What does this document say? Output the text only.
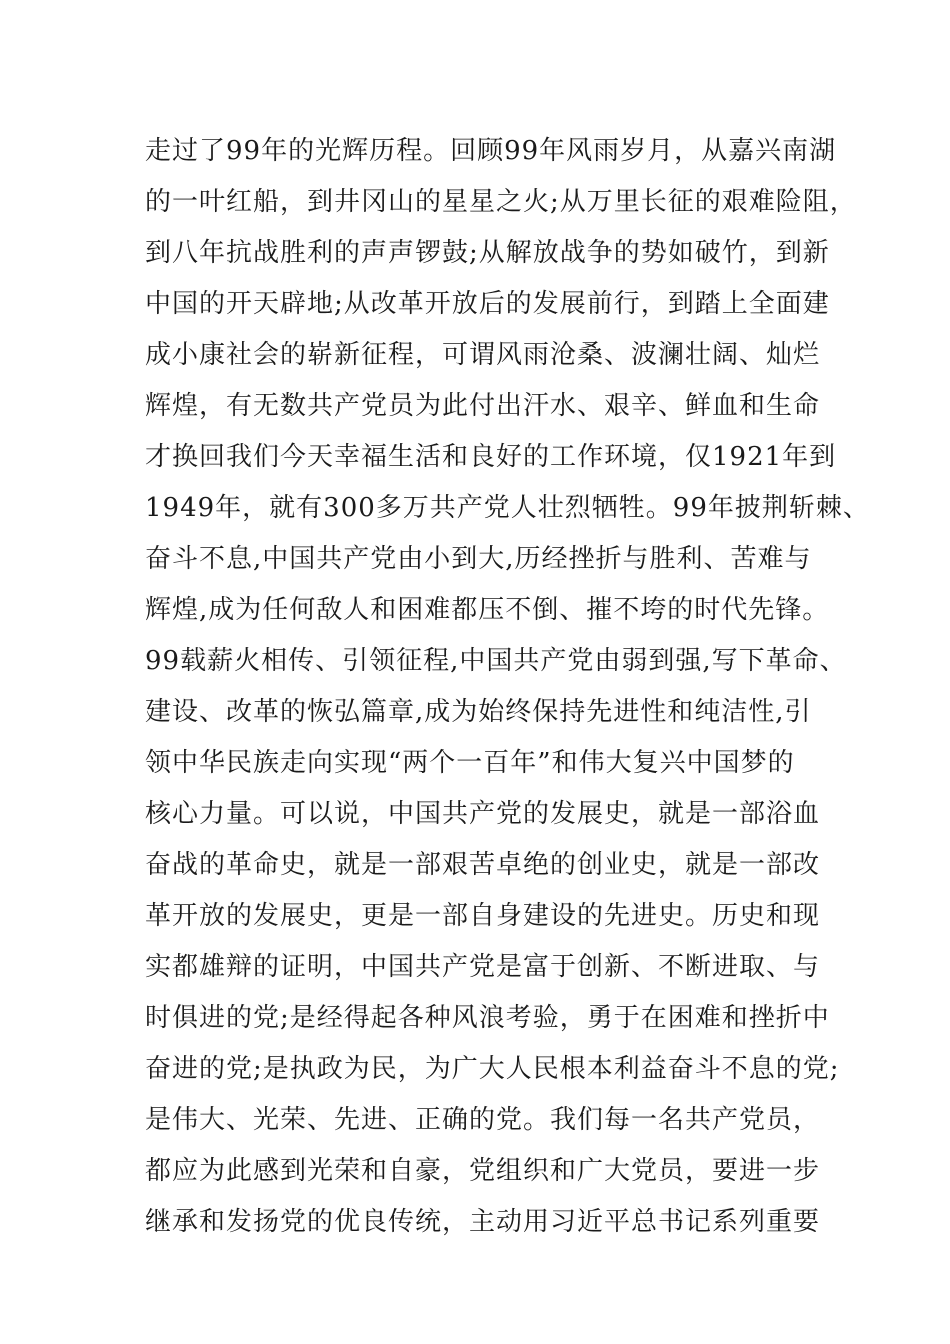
走过了99年的光辉历程。回顾99年风雨岁月，从嘉兴南湖
的一叶红船，到井冈山的星星之火;从万里长征的艰难险阻，
到八年抗战胜利的声声锣鼓;从解放战争的势如破竹，到新
中国的开天辟地;从改革开放后的发展前行，到踏上全面建
成小康社会的崭新征程，可谓风雨沧桑、波澜壮阔、灿烂
辉煌，有无数共产党员为此付出汗水、艰辛、鲜血和生命
才换回我们今天幸福生活和良好的工作环境，仅1921年到
1949年，就有300多万共产党人壮烈牺牲。99年披荆斩棘、
奋斗不息,中国共产党由小到大,历经挫折与胜利、苦难与
辉煌,成为任何敌人和困难都压不倒、摧不垮的时代先锋。
99载薪火相传、引领征程,中国共产党由弱到强,写下革命、
建设、改革的恢弘篇章,成为始终保持先进性和纯洁性,引
领中华民族走向实现“两个一百年”和伟大复兴中国梦的
核心力量。可以说，中国共产党的发展史，就是一部浴血
奋战的革命史，就是一部艰苦卓绝的创业史，就是一部改
革开放的发展史，更是一部自身建设的先进史。历史和现
实都雄辩的证明，中国共产党是富于创新、不断进取、与
时俱进的党;是经得起各种风浪考验，勇于在困难和挫折中
奋进的党;是执政为民，为广大人民根本利益奋斗不息的党;
是伟大、光荣、先进、正确的党。我们每一名共产党员，
都应为此感到光荣和自豪，党组织和广大党员，要进一步
继承和发扬党的优良传统，主动用习近平总书记系列重要
